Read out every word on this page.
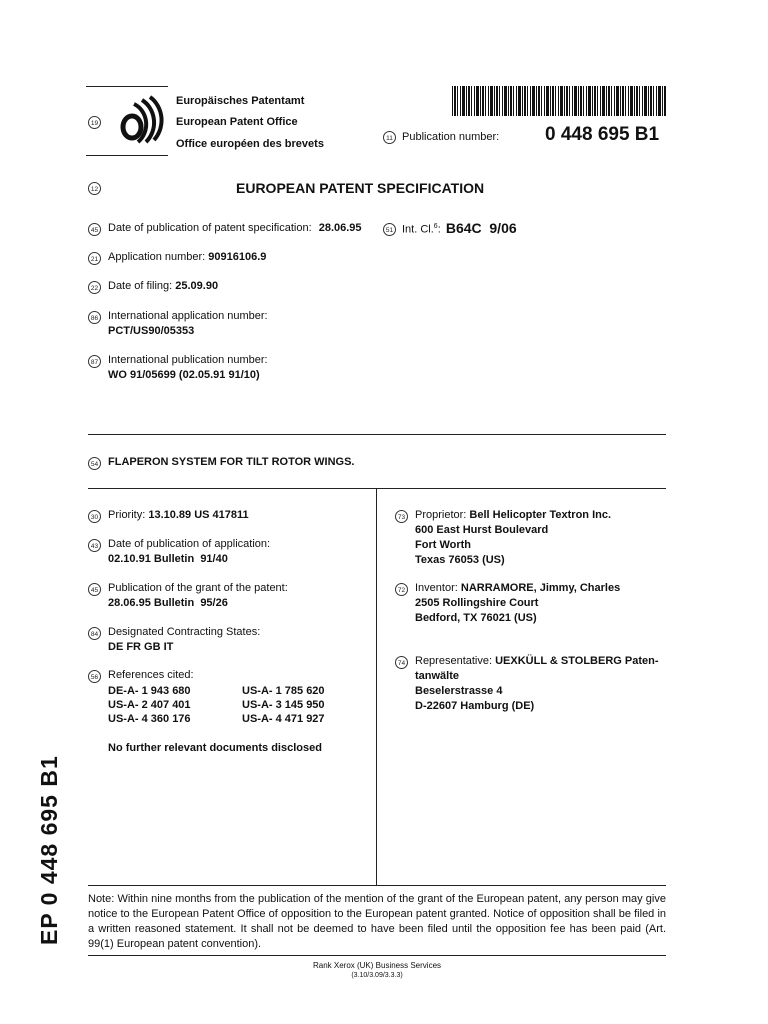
19
Europäisches Patentamt
European Patent Office
Office européen des brevets	11 Publication number: 0 448 695 B1
12	EUROPEAN PATENT SPECIFICATION
45 Date of publication of patent specification: 28.06.95	51 Int. Cl.$^6$: B64C  9/06
21 Application number: 90916106.9
22 Date of filing: 25.09.90
86 International application number:
PCT/US90/05353
87 International publication number:
WO 91/05699 (02.05.91 91/10)
54 FLAPERON SYSTEM FOR TILT ROTOR WINGS.
30 Priority: 13.10.89 US 417811
43 Date of publication of application:
02.10.91 Bulletin  91/40
45 Publication of the grant of the patent:
28.06.95 Bulletin  95/26
84 Designated Contracting States:
DE FR GB IT
56 References cited:
DE-A- 1 943 680	US-A- 1 785 620
US-A- 2 407 401	US-A- 3 145 950
US-A- 4 360 176	US-A- 4 471 927
No further relevant documents disclosed
73 Proprietor: Bell Helicopter Textron Inc.
600 East Hurst Boulevard
Fort Worth
Texas 76053 (US)
72 Inventor: NARRAMORE, Jimmy, Charles
2505 Rollingshire Court
Bedford, TX 76021 (US)
74 Representative: UEXKÜLL & STOLBERG Paten-
tanwälte
Beselerstrasse 4
D-22607 Hamburg (DE)
EP 0 448 695 B1 Note: Within nine months from the publication of the mention of the grant of the European patent, any person may give notice to the European Patent Office of opposition to the European patent granted. Notice of opposition shall be filed in a written reasoned statement. It shall not be deemed to have been filed until the opposition fee has been paid (Art. 99(1) European patent convention).
Rank Xerox (UK) Business Services
(3.10/3.09/3.3.3)
